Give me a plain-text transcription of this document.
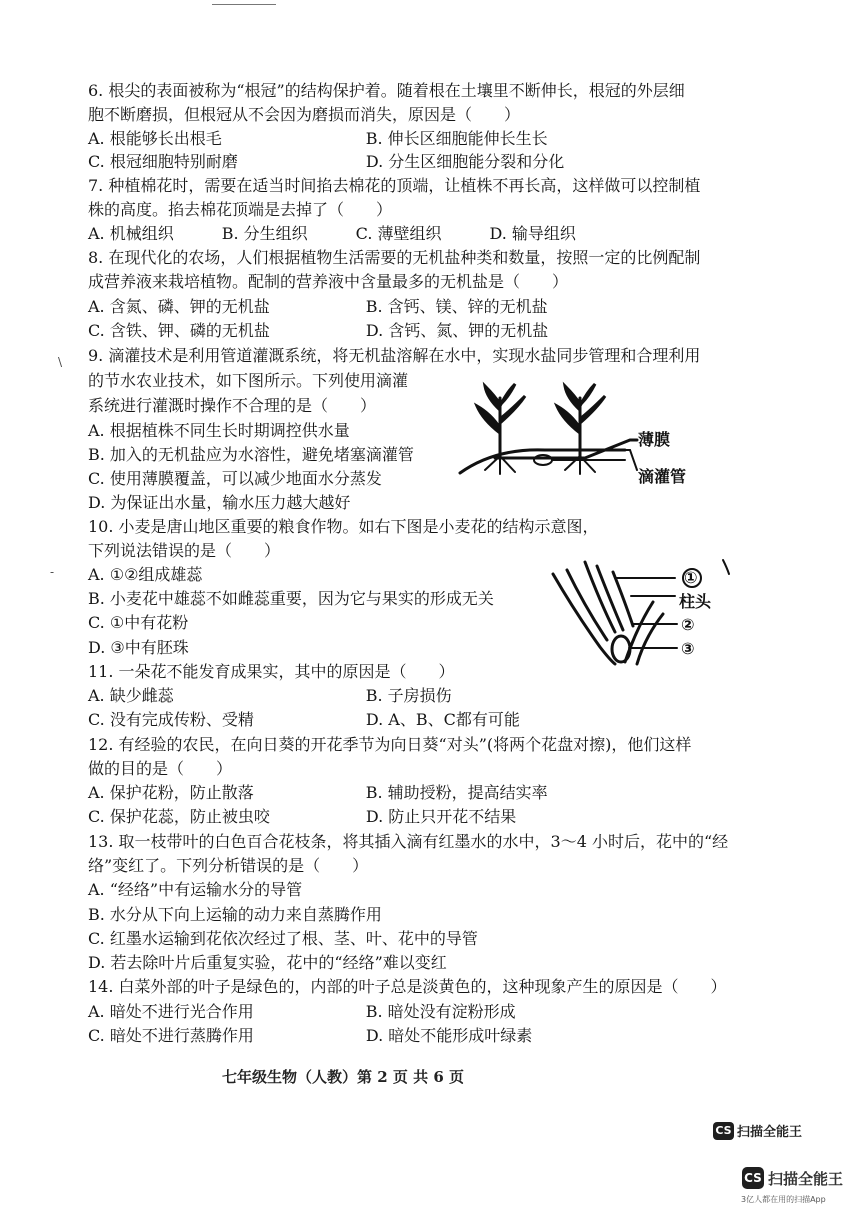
6. 根尖的表面被称为“根冠”的结构保护着。随着根在土壤里不断伸长，根冠的外层细
胞不断磨损，但根冠从不会因为磨损而消失，原因是（　　）
A. 根能够长出根毛　　　　　　　　　B. 伸长区细胞能伸长生长
C. 根冠细胞特别耐磨　　　　　　　　D. 分生区细胞能分裂和分化
7. 种植棉花时，需要在适当时间掐去棉花的顶端，让植株不再长高，这样做可以控制植
株的高度。掐去棉花顶端是去掉了（　　）
A. 机械组织　　　B. 分生组织　　　C. 薄壁组织　　　D. 输导组织
8. 在现代化的农场，人们根据植物生活需要的无机盐种类和数量，按照一定的比例配制
成营养液来栽培植物。配制的营养液中含量最多的无机盐是（　　）
A. 含氮、磷、钾的无机盐　　　　　　B. 含钙、镁、锌的无机盐
C. 含铁、钾、磷的无机盐　　　　　　D. 含钙、氮、钾的无机盐
9. 滴灌技术是利用管道灌溉系统，将无机盐溶解在水中，实现水盐同步管理和合理利用
的节水农业技术，如下图所示。下列使用滴灌
系统进行灌溉时操作不合理的是（　　）
A. 根据植株不同生长时期调控供水量
B. 加入的无机盐应为水溶性，避免堵塞滴灌管
C. 使用薄膜覆盖，可以减少地面水分蒸发
D. 为保证出水量，输水压力越大越好
10. 小麦是唐山地区重要的粮食作物。如右下图是小麦花的结构示意图，
下列说法错误的是（　　）
A. ①②组成雄蕊
B. 小麦花中雄蕊不如雌蕊重要，因为它与果实的形成无关
C. ①中有花粉
D. ③中有胚珠
11. 一朵花不能发育成果实，其中的原因是（　　）
A. 缺少雌蕊　　　　　　　　　　　　B. 子房损伤
C. 没有完成传粉、受精　　　　　　　D. A、B、C都有可能
12. 有经验的农民，在向日葵的开花季节为向日葵“对头”(将两个花盘对擦)，他们这样
做的目的是（　　）
A. 保护花粉，防止散落　　　　　　　B. 辅助授粉，提高结实率
C. 保护花蕊，防止被虫咬　　　　　　D. 防止只开花不结果
13. 取一枝带叶的白色百合花枝条，将其插入滴有红墨水的水中，3～4 小时后，花中的“经
络”变红了。下列分析错误的是（　　）
A. “经络”中有运输水分的导管
B. 水分从下向上运输的动力来自蒸腾作用
C. 红墨水运输到花依次经过了根、茎、叶、花中的导管
D. 若去除叶片后重复实验，花中的“经络”难以变红
14. 白菜外部的叶子是绿色的，内部的叶子总是淡黄色的，这种现象产生的原因是（　　）
A. 暗处不进行光合作用　　　　　　　B. 暗处没有淀粉形成
C. 暗处不进行蒸腾作用　　　　　　　D. 暗处不能形成叶绿素
\
-
薄膜
滴灌管
①
柱头
②
③
七年级生物（人教）第 2 页 共 6 页
CS 扫描全能王
CS 扫描全能王
3亿人都在用的扫描App
